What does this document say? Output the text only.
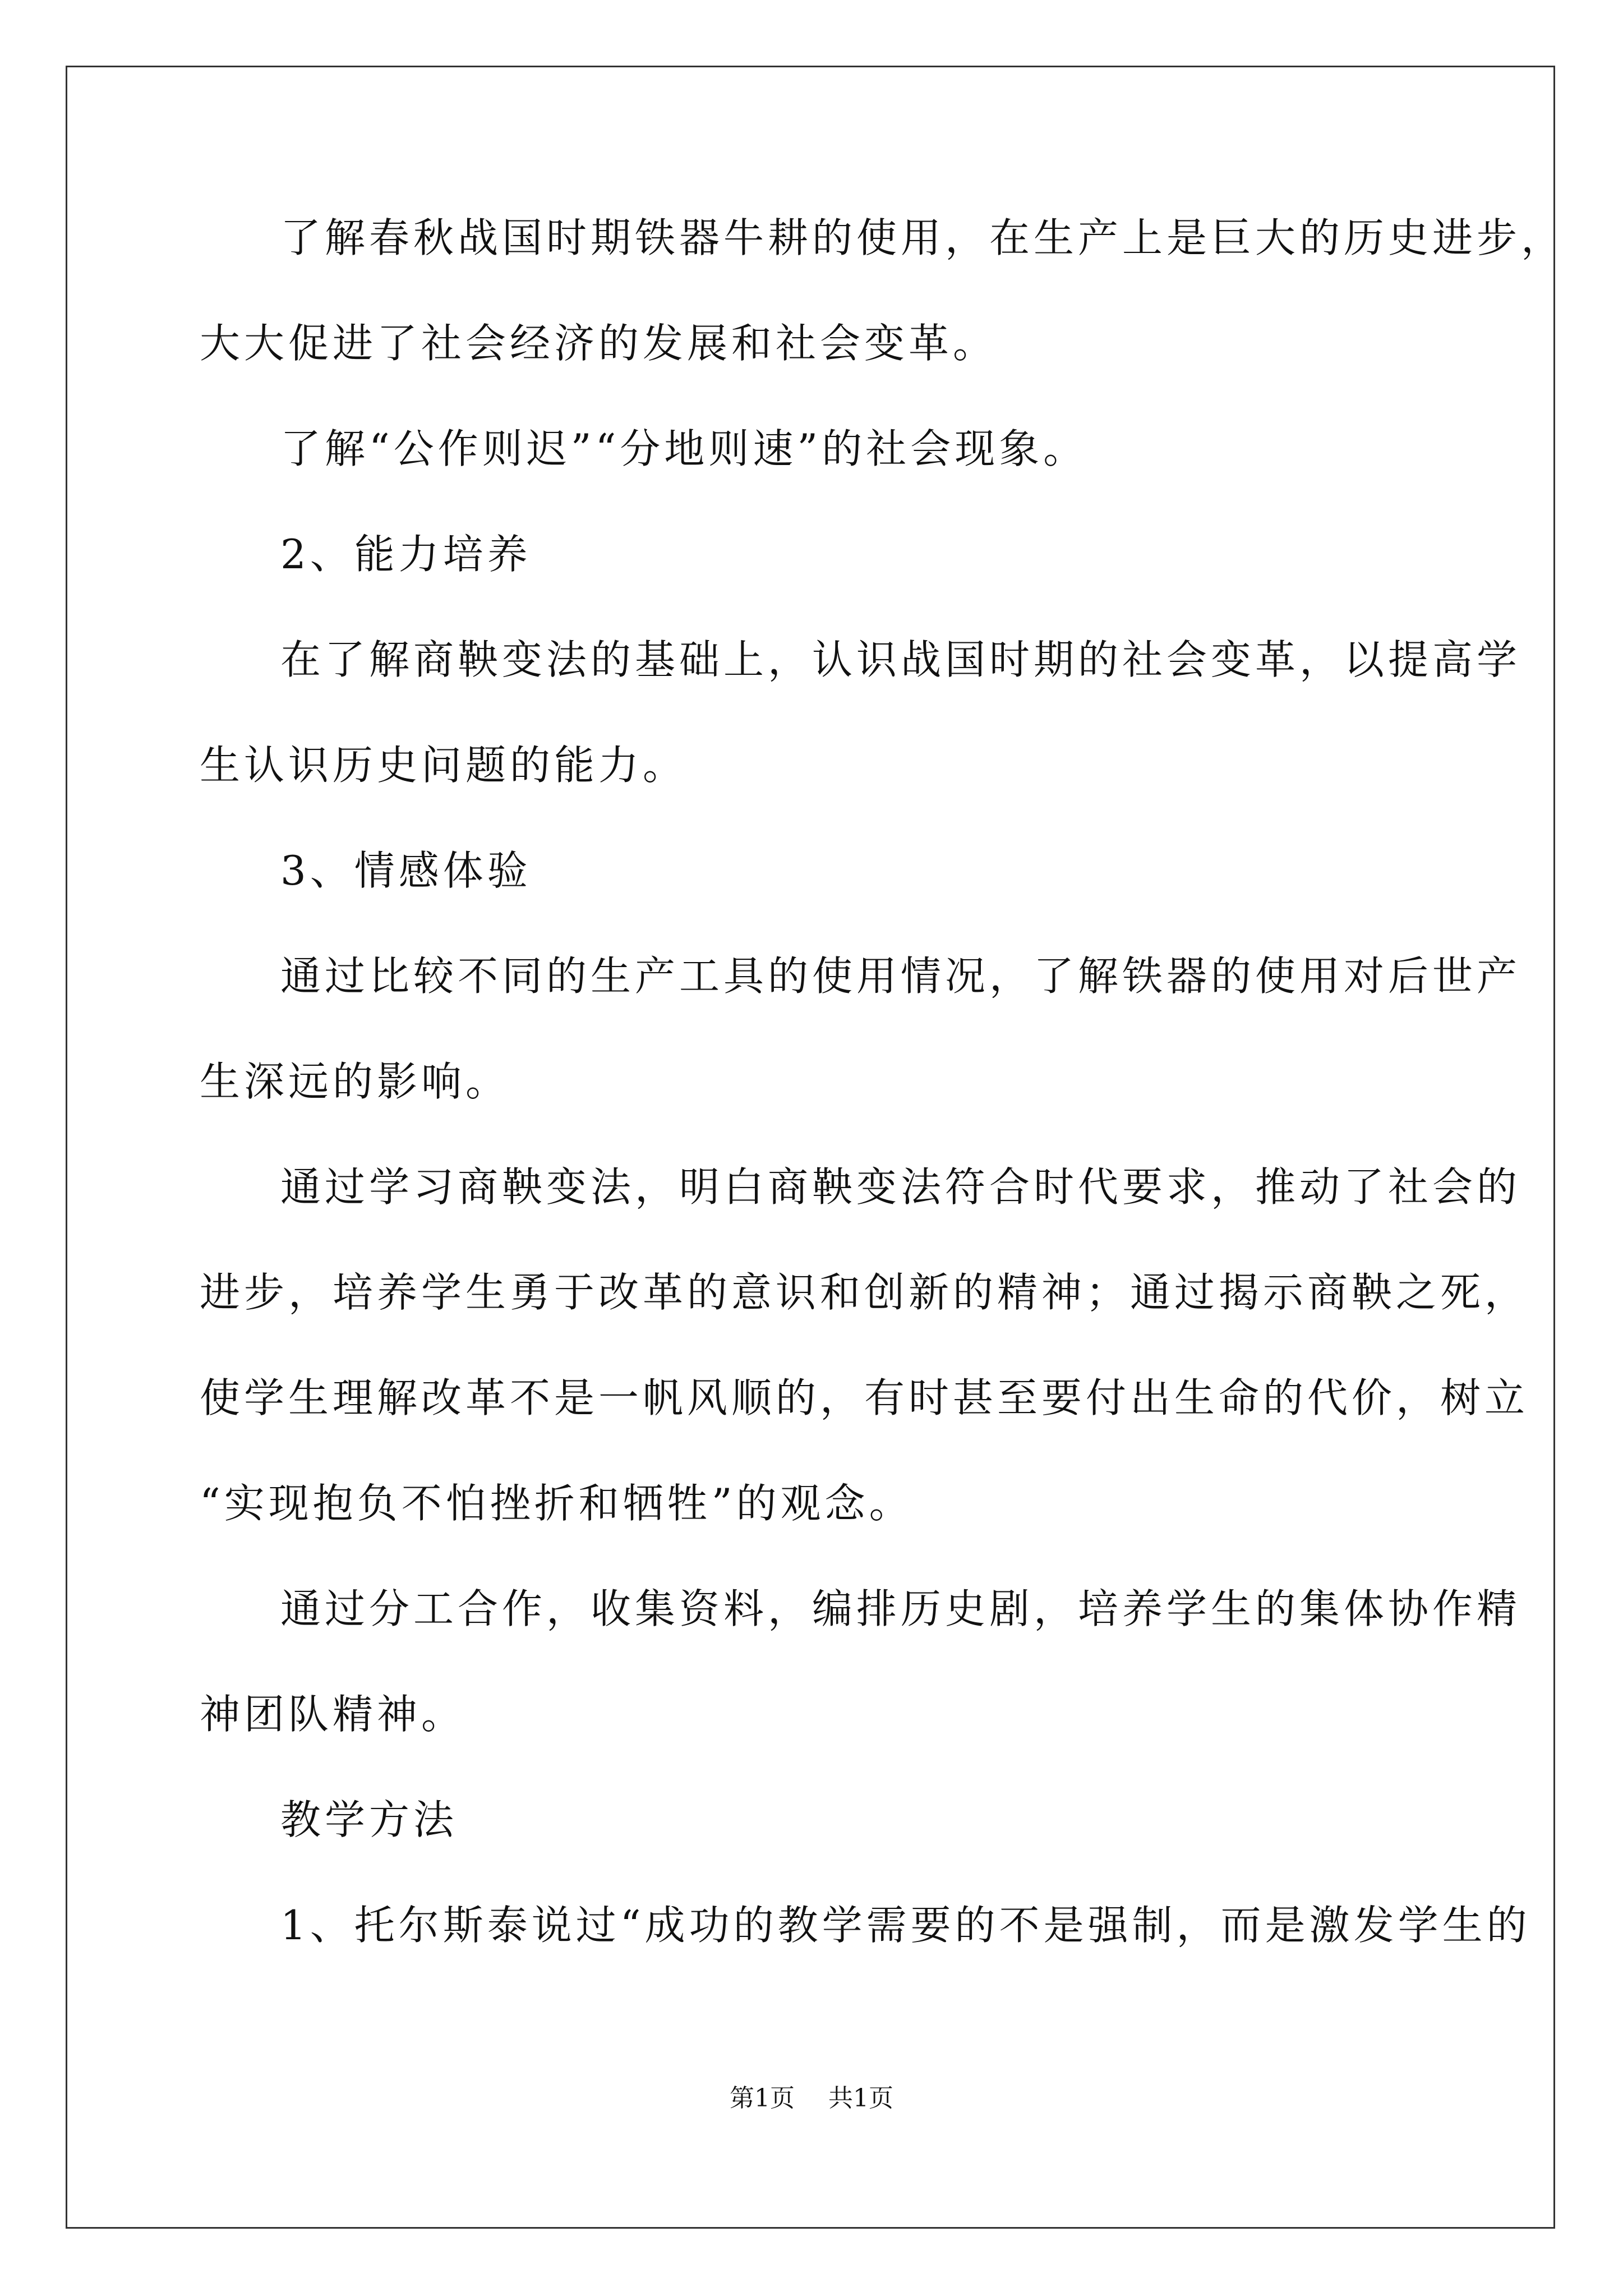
了解春秋战国时期铁器牛耕的使用，在生产上是巨大的历史进步，
大大促进了社会经济的发展和社会变革。
了解“公作则迟”“分地则速”的社会现象。
2、能力培养
在了解商鞅变法的基础上，认识战国时期的社会变革，以提高学
生认识历史问题的能力。
3、情感体验
通过比较不同的生产工具的使用情况，了解铁器的使用对后世产
生深远的影响。
通过学习商鞅变法，明白商鞅变法符合时代要求，推动了社会的
进步，培养学生勇于改革的意识和创新的精神；通过揭示商鞅之死，
使学生理解改革不是一帆风顺的，有时甚至要付出生命的代价，树立
“实现抱负不怕挫折和牺牲”的观念。
通过分工合作，收集资料，编排历史剧，培养学生的集体协作精
神团队精神。
教学方法
1、托尔斯泰说过“成功的教学需要的不是强制，而是激发学生的
第1页 共1页
